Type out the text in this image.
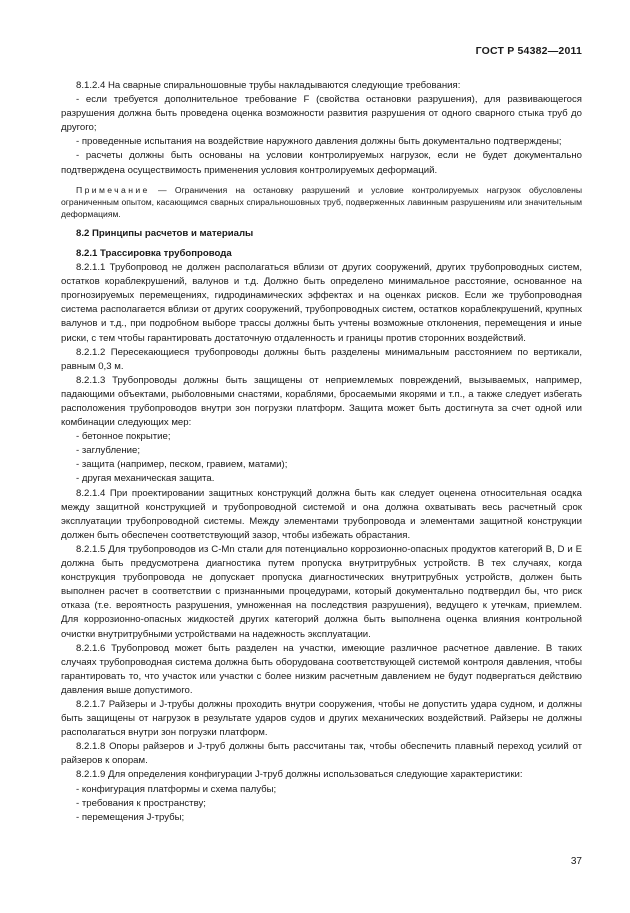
ГОСТ Р 54382—2011

8.1.2.4 На сварные спиральношовные трубы накладываются следующие требования:

- если требуется дополнительное требование F (свойства остановки разрушения), для развивающегося разрушения должна быть проведена оценка возможности развития разрушения от одного сварного стыка труб до другого;

- проведенные испытания на воздействие наружного давления должны быть документально подтверждены;

- расчеты должны быть основаны на условии контролируемых нагрузок, если не будет документально подтверждена осуществимость применения условия контролируемых деформаций.

Примечание — Ограничения на остановку разрушений и условие контролируемых нагрузок обусловлены ограниченным опытом, касающимся сварных спиральношовных труб, подверженных лавинным разрушениям или значительным деформациям.

8.2 Принципы расчетов и материалы

8.2.1 Трассировка трубопровода

8.2.1.1 Трубопровод не должен располагаться вблизи от других сооружений, других трубопроводных систем, остатков кораблекрушений, валунов и т.д. Должно быть определено минимальное расстояние, основанное на прогнозируемых перемещениях, гидродинамических эффектах и на оценках рисков. Если же трубопроводная система располагается вблизи от других сооружений, трубопроводных систем, остатков кораблекрушений, крупных валунов и т.д., при подробном выборе трассы должны быть учтены возможные отклонения, перемещения и иные риски, с тем чтобы гарантировать достаточную отдаленность и границы против сторонних воздействий.

8.2.1.2 Пересекающиеся трубопроводы должны быть разделены минимальным расстоянием по вертикали, равным 0,3 м.

8.2.1.3 Трубопроводы должны быть защищены от неприемлемых повреждений, вызываемых, например, падающими объектами, рыболовными снастями, кораблями, бросаемыми якорями и т.п., а также следует избегать расположения трубопроводов внутри зон погрузки платформ. Защита может быть достигнута за счет одной или комбинации следующих мер:

- бетонное покрытие;

- заглубление;

- защита (например, песком, гравием, матами);

- другая механическая защита.

8.2.1.4 При проектировании защитных конструкций должна быть как следует оценена относительная осадка между защитной конструкцией и трубопроводной системой и она должна охватывать весь расчетный срок эксплуатации трубопроводной системы. Между элементами трубопровода и элементами защитной конструкции должен быть обеспечен соответствующий зазор, чтобы избежать обрастания.

8.2.1.5 Для трубопроводов из С-Mn стали для потенциально коррозионно-опасных продуктов категорий В, D и Е должна быть предусмотрена диагностика путем пропуска внутритрубных устройств. В тех случаях, когда конструкция трубопровода не допускает пропуска диагностических внутритрубных устройств, должен быть выполнен расчет в соответствии с признанными процедурами, который документально подтвердил бы, что риск отказа (т.е. вероятность разрушения, умноженная на последствия разрушения), ведущего к утечкам, приемлем. Для коррозионно-опасных жидкостей других категорий должна быть выполнена оценка влияния контрольной очистки внутритрубными устройствами на надежность эксплуатации.

8.2.1.6 Трубопровод может быть разделен на участки, имеющие различное расчетное давление. В таких случаях трубопроводная система должна быть оборудована соответствующей системой контроля давления, чтобы гарантировать то, что участок или участки с более низким расчетным давлением не будут подвергаться действию давления выше допустимого.

8.2.1.7 Райзеры и J-трубы должны проходить внутри сооружения, чтобы не допустить удара судном, и должны быть защищены от нагрузок в результате ударов судов и других механических воздействий. Райзеры не должны располагаться внутри зон погрузки платформ.

8.2.1.8 Опоры райзеров и J-труб должны быть рассчитаны так, чтобы обеспечить плавный переход усилий от райзеров к опорам.

8.2.1.9 Для определения конфигурации J-труб должны использоваться следующие характеристики:

- конфигурация платформы и схема палубы;

- требования к пространству;

- перемещения J-трубы;

37
